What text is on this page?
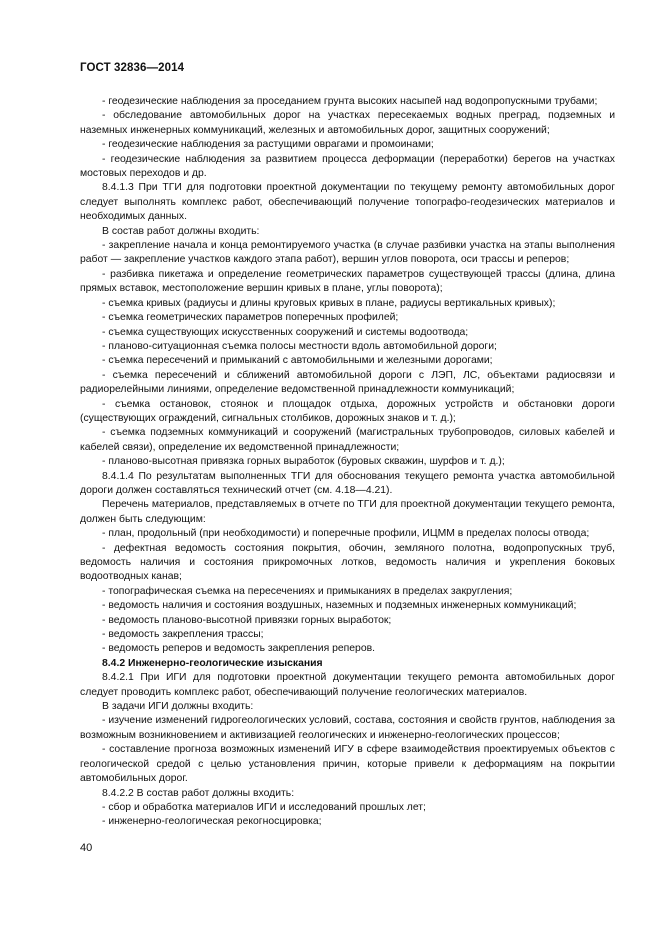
ГОСТ 32836—2014

- геодезические наблюдения за проседанием грунта высоких насыпей над водопропускными трубами;

- обследование автомобильных дорог на участках пересекаемых водных преград, подземных и наземных инженерных коммуникаций, железных и автомобильных дорог, защитных сооружений;

- геодезические наблюдения за растущими оврагами и промоинами;

- геодезические наблюдения за развитием процесса деформации (переработки) берегов на участках мостовых переходов и др.

8.4.1.3 При ТГИ для подготовки проектной документации по текущему ремонту автомобильных дорог следует выполнять комплекс работ, обеспечивающий получение топографо-геодезических материалов и необходимых данных.

В состав работ должны входить:

- закрепление начала и конца ремонтируемого участка (в случае разбивки участка на этапы выполнения работ — закрепление участков каждого этапа работ), вершин углов поворота, оси трассы и реперов;

- разбивка пикетажа и определение геометрических параметров существующей трассы (длина, длина прямых вставок, местоположение вершин кривых в плане, углы поворота);

- съемка кривых (радиусы и длины круговых кривых в плане, радиусы вертикальных кривых);

- съемка геометрических параметров поперечных профилей;

- съемка существующих искусственных сооружений и системы водоотвода;

- планово-ситуационная съемка полосы местности вдоль автомобильной дороги;

- съемка пересечений и примыканий с автомобильными и железными дорогами;

- съемка пересечений и сближений автомобильной дороги с ЛЭП, ЛС, объектами радиосвязи и радиорелейными линиями, определение ведомственной принадлежности коммуникаций;

- съемка остановок, стоянок и площадок отдыха, дорожных устройств и обстановки дороги (существующих ограждений, сигнальных столбиков, дорожных знаков и т. д.);

- съемка подземных коммуникаций и сооружений (магистральных трубопроводов, силовых кабелей и кабелей связи), определение их ведомственной принадлежности;

- планово-высотная привязка горных выработок (буровых скважин, шурфов и т. д.);

8.4.1.4 По результатам выполненных ТГИ для обоснования текущего ремонта участка автомобильной дороги должен составляться технический отчет (см. 4.18—4.21).

Перечень материалов, представляемых в отчете по ТГИ для проектной документации текущего ремонта, должен быть следующим:

- план, продольный (при необходимости) и поперечные профили, ИЦММ в пределах полосы отвода;

- дефектная ведомость состояния покрытия, обочин, земляного полотна, водопропускных труб, ведомость наличия и состояния прикромочных лотков, ведомость наличия и укрепления боковых водоотводных канав;

- топографическая съемка на пересечениях и примыканиях в пределах закругления;

- ведомость наличия и состояния воздушных, наземных и подземных инженерных коммуникаций;

- ведомость планово-высотной привязки горных выработок;

- ведомость закрепления трассы;

- ведомость реперов и ведомость закрепления реперов.

8.4.2 Инженерно-геологические изыскания

8.4.2.1 При ИГИ для подготовки проектной документации текущего ремонта автомобильных дорог следует проводить комплекс работ, обеспечивающий получение геологических материалов.

В задачи ИГИ должны входить:

- изучение изменений гидрогеологических условий, состава, состояния и свойств грунтов, наблюдения за возможным возникновением и активизацией геологических и инженерно-геологических процессов;

- составление прогноза возможных изменений ИГУ в сфере взаимодействия проектируемых объектов с геологической средой с целью установления причин, которые привели к деформациям на покрытии автомобильных дорог.

8.4.2.2 В состав работ должны входить:

- сбор и обработка материалов ИГИ и исследований прошлых лет;

- инженерно-геологическая рекогносцировка;

40
